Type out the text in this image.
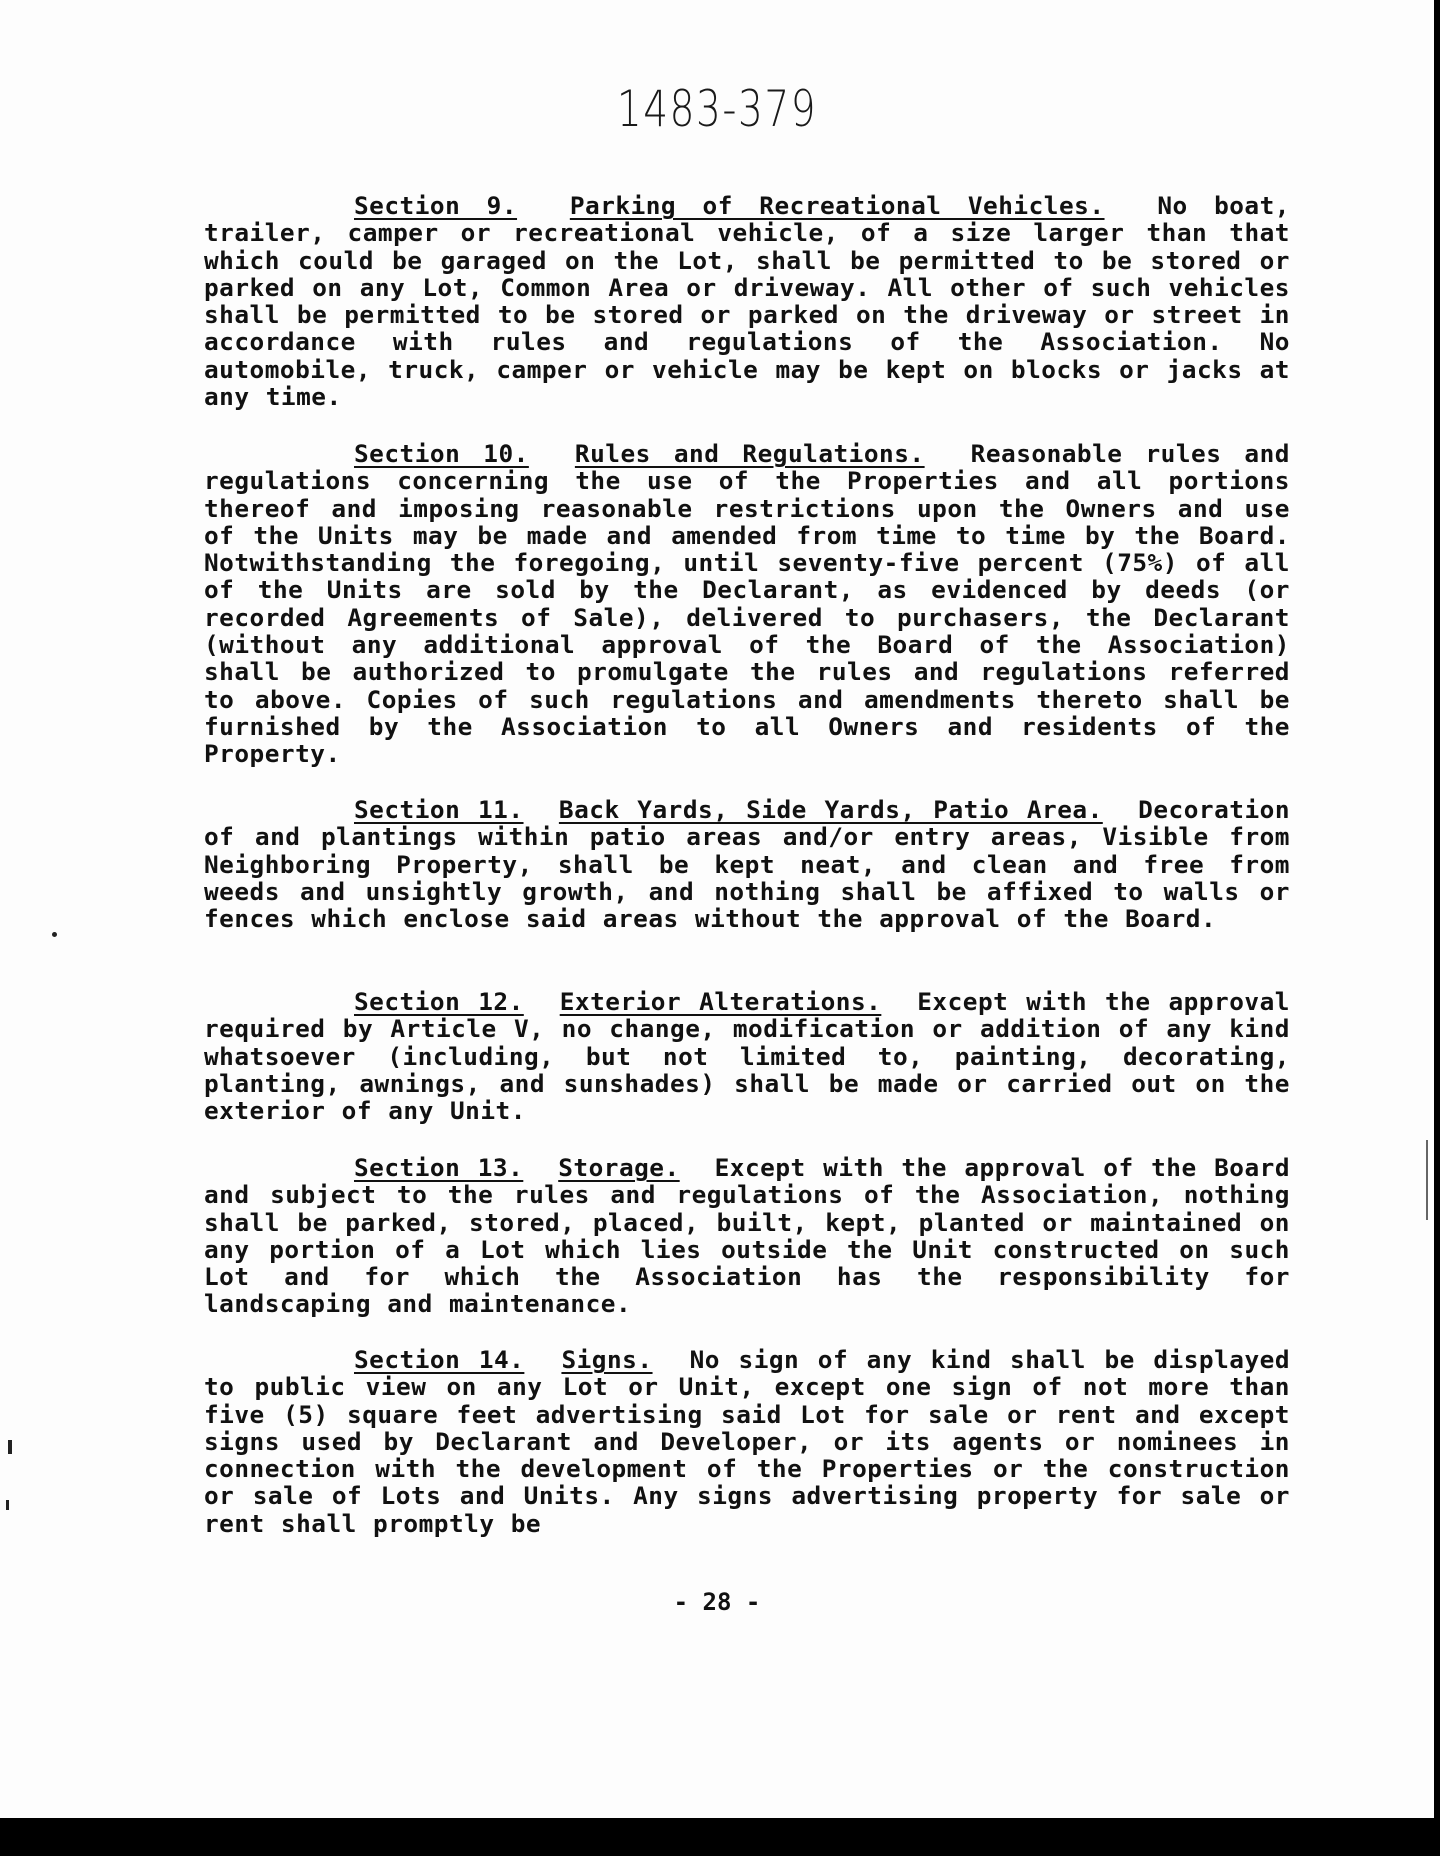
1483-379

Section 9. Parking of Recreational Vehicles. No boat, trailer, camper or recreational vehicle, of a size larger than that which could be garaged on the Lot, shall be permitted to be stored or parked on any Lot, Common Area or driveway. All other of such vehicles shall be permitted to be stored or parked on the driveway or street in accordance with rules and regulations of the Association. No automobile, truck, camper or vehicle may be kept on blocks or jacks at any time.

Section 10. Rules and Regulations. Reasonable rules and regulations concerning the use of the Properties and all portions thereof and imposing reasonable restrictions upon the Owners and use of the Units may be made and amended from time to time by the Board. Notwithstanding the foregoing, until seventy-five percent (75%) of all of the Units are sold by the Declarant, as evidenced by deeds (or recorded Agreements of Sale), delivered to purchasers, the Declarant (without any additional approval of the Board of the Association) shall be authorized to promulgate the rules and regulations referred to above. Copies of such regulations and amendments thereto shall be furnished by the Association to all Owners and residents of the Property.

Section 11. Back Yards, Side Yards, Patio Area. Decoration of and plantings within patio areas and/or entry areas, Visible from Neighboring Property, shall be kept neat, and clean and free from weeds and unsightly growth, and nothing shall be affixed to walls or fences which enclose said areas without the approval of the Board.

Section 12. Exterior Alterations. Except with the approval required by Article V, no change, modification or addition of any kind whatsoever (including, but not limited to, painting, decorating, planting, awnings, and sunshades) shall be made or carried out on the exterior of any Unit.

Section 13. Storage. Except with the approval of the Board and subject to the rules and regulations of the Association, nothing shall be parked, stored, placed, built, kept, planted or maintained on any portion of a Lot which lies outside the Unit constructed on such Lot and for which the Association has the responsibility for landscaping and maintenance.

Section 14. Signs. No sign of any kind shall be displayed to public view on any Lot or Unit, except one sign of not more than five (5) square feet advertising said Lot for sale or rent and except signs used by Declarant and Developer, or its agents or nominees in connection with the development of the Properties or the construction or sale of Lots and Units. Any signs advertising property for sale or rent shall promptly be

- 28 -
